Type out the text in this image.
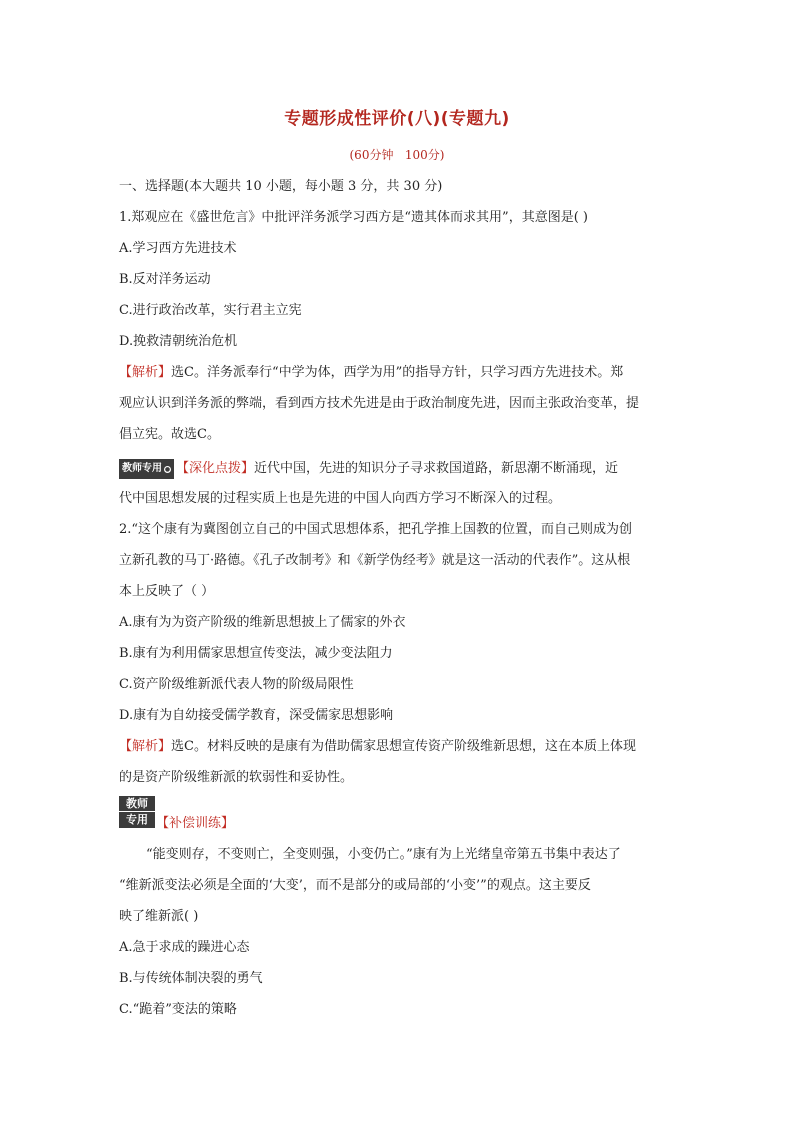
专题形成性评价(八)(专题九)
(60分钟   100分)
一、选择题(本大题共 10 小题，每小题 3 分，共 30 分)
1.郑观应在《盛世危言》中批评洋务派学习西方是“遗其体而求其用”，其意图是( )
A.学习西方先进技术
B.反对洋务运动
C.进行政治改革，实行君主立宪
D.挽救清朝统治危机
【解析】选C。洋务派奉行“中学为体，西学为用”的指导方针，只学习西方先进技术。郑
观应认识到洋务派的弊端，看到西方技术先进是由于政治制度先进，因而主张政治变革，提
倡立宪。故选C。
教师专用 ● 【深化点拨】近代中国，先进的知识分子寻求救国道路，新思潮不断涌现，近
代中国思想发展的过程实质上也是先进的中国人向西方学习不断深入的过程。
2.“这个康有为冀图创立自己的中国式思想体系，把孔学推上国教的位置，而自己则成为创
立新孔教的马丁·路德。《孔子改制考》和《新学伪经考》就是这一活动的代表作”。这从根
本上反映了（ ）
A.康有为为资产阶级的维新思想披上了儒家的外衣
B.康有为利用儒家思想宣传变法，减少变法阻力
C.资产阶级维新派代表人物的阶级局限性
D.康有为自幼接受儒学教育，深受儒家思想影响
【解析】选C。材料反映的是康有为借助儒家思想宣传资产阶级维新思想，这在本质上体现
的是资产阶级维新派的软弱性和妥协性。
教师
专用 【补偿训练】
“能变则存，不变则亡，全变则强，小变仍亡。”康有为上光绪皇帝第五书集中表达了
“维新派变法必须是全面的‘大变’，而不是部分的或局部的‘小变’”的观点。这主要反
映了维新派( )
A.急于求成的躁进心态
B.与传统体制决裂的勇气
C.“跪着”变法的策略
